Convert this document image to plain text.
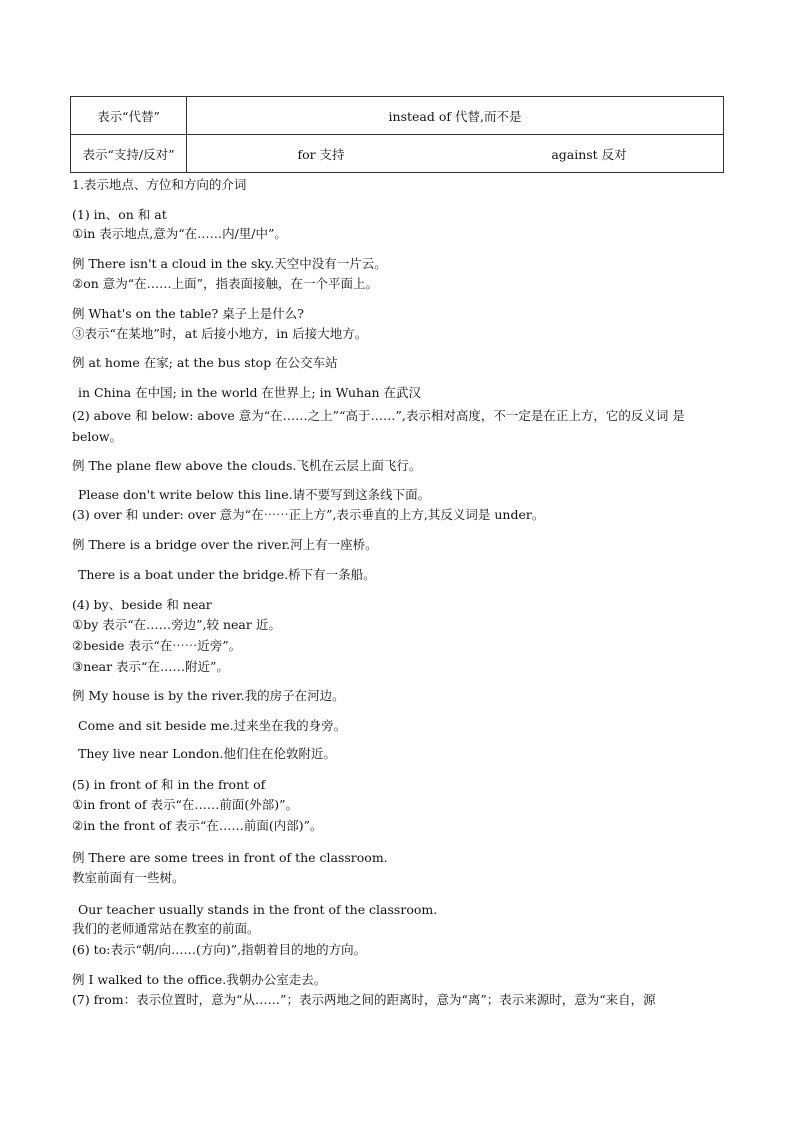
表示“代替”	instead of 代替,而不是
表示“支持/反对”	for 支持 against 反对
1.表示地点、方位和方向的介词
(1) in、on 和 at
①in 表示地点,意为“在……内/里/中”。
例 There isn't a cloud in the sky.天空中没有一片云。
②on 意为“在……上面”，指表面接触，在一个平面上。
例 What's on the table? 桌子上是什么?
③表示“在某地”时，at 后接小地方，in 后接大地方。
例 at home 在家; at the bus stop 在公交车站
in China 在中国; in the world 在世界上; in Wuhan 在武汉
(2) above 和 below: above 意为“在……之上”“高于……”,表示相对高度，不一定是在正上方，它的反义词 是 below。
例 The plane flew above the clouds.飞机在云层上面飞行。
Please don't write below this line.请不要写到这条线下面。
(3) over 和 under: over 意为“在⋯⋯正上方”,表示垂直的上方,其反义词是 under。
例 There is a bridge over the river.河上有一座桥。
There is a boat under the bridge.桥下有一条船。
(4) by、beside 和 near
①by 表示“在……旁边”,较 near 近。
②beside 表示“在⋯⋯近旁”。
③near 表示“在……附近”。
例 My house is by the river.我的房子在河边。
Come and sit beside me.过来坐在我的身旁。
They live near London.他们住在伦敦附近。
(5) in front of 和 in the front of
①in front of 表示“在……前面(外部)”。
②in the front of 表示“在……前面(内部)”。
例 There are some trees in front of the classroom.
教室前面有一些树。
Our teacher usually stands in the front of the classroom.
我们的老师通常站在教室的前面。
(6) to:表示“朝/向……(方向)”,指朝着目的地的方向。
例 I walked to the office.我朝办公室走去。
(7) from：表示位置时，意为“从……”；表示两地之间的距离时，意为“离”；表示来源时，意为“来自，源
